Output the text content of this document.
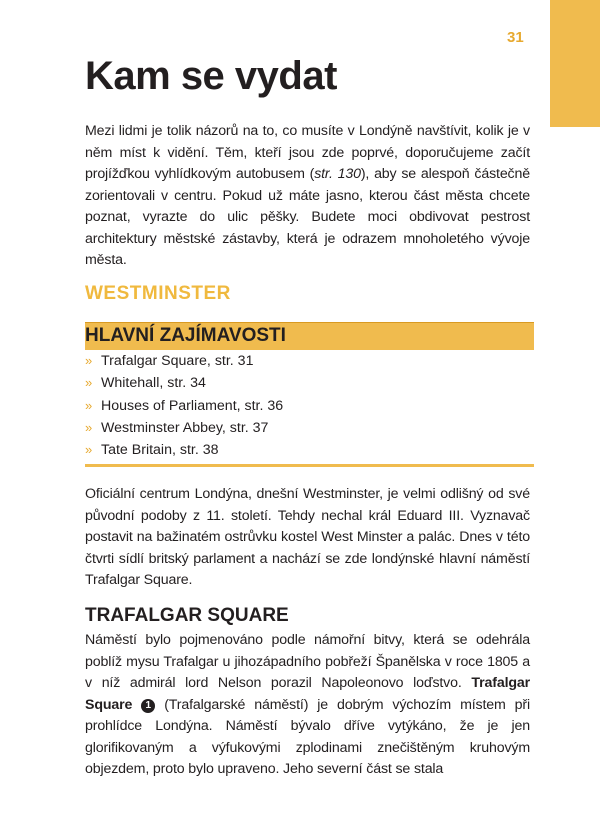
31
Kam se vydat

Mezi lidmi je tolik názorů na to, co musíte v Londýně navštívit, kolik je v něm míst k vidění. Těm, kteří jsou zde poprvé, doporučujeme začít projížďkou vyhlídkovým autobusem (str. 130), aby se alespoň částečně zorientovali v centru. Pokud už máte jasno, kterou část města chcete poznat, vyrazte do ulic pěšky. Budete moci obdivovat pestrost architektury městské zástavby, která je odrazem mnoholetého vývoje města.

WESTMINSTER
HLAVNÍ ZAJÍMAVOSTI
» Trafalgar Square, str. 31
» Whitehall, str. 34
» Houses of Parliament, str. 36
» Westminster Abbey, str. 37
» Tate Britain, str. 38

Oficiální centrum Londýna, dnešní Westminster, je velmi odlišný od své původní podoby z 11. století. Tehdy nechal král Eduard III. Vyznavač postavit na bažinatém ostrůvku kostel West Minster a palác. Dnes v této čtvrti sídlí britský parlament a nachází se zde londýnské hlavní náměstí Trafalgar Square.

TRAFALGAR SQUARE

Náměstí bylo pojmenováno podle námořní bitvy, která se odehrála poblíž mysu Trafalgar u jihozápadního pobřeží Španělska v roce 1805 a v níž admirál lord Nelson porazil Napoleonovo loďstvo. Trafalgar Square 1 (Trafalgarské náměstí) je dobrým výchozím místem při prohlídce Londýna. Náměstí bývalo dříve vytýkáno, že je jen glorifikovaným a výfukovými zplodinami znečištěným kruhovým objezdem, proto bylo upraveno. Jeho severní část se stala
